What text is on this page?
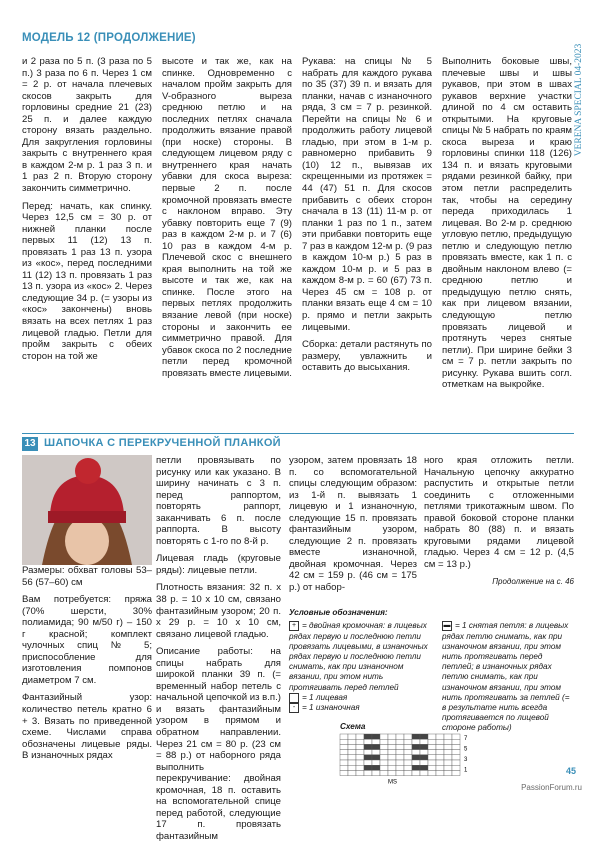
МОДЕЛЬ 12 (ПРОДОЛЖЕНИЕ)
VERENA SPECIAL 04-2023

и 2 раза по 5 п. (3 раза по 5 п.) 3 раза по 6 п. Через 1 см = 2 р. от начала плечевых скосов закрыть для горловины средние 21 (23) 25 п. и далее каждую сторону вязать раздельно. Для закругления горловины закрыть с внутреннего края в каждом 2-м р. 1 раз 3 п. и 1 раз 2 п. Вторую сторону закончить симметрично.

Перед: начать, как спинку. Через 12,5 см = 30 р. от нижней планки после первых 11 (12) 13 п. провязать 1 раз 13 п. узора из «кос», перед последними 11 (12) 13 п. провязать 1 раз 13 п. узора из «кос» 2. Через следующие 34 р. (= узоры из «кос» закончены) вновь вязать на всех петлях 1 раз лицевой гладью. Петли для пройм закрыть с обеих сторон на той же

высоте и так же, как на спинке. Одновременно с началом пройм закрыть для V-образного выреза среднюю петлю и на последних петлях сначала продолжить вязание правой (при носке) стороны. В следующем лицевом ряду с внутреннего края начать убавки для скоса выреза: первые 2 п. после кромочной провязать вместе с наклоном вправо. Эту убавку повторить еще 7 (9) раз в каждом 2-м р. и 7 (6) 10 раз в каждом 4-м р. Плечевой скос с внешнего края выполнить на той же высоте и так же, как на спинке. После этого на первых петлях продолжить вязание левой (при носке) стороны и закончить ее симметрично правой. Для убавок скоса по 2 последние петли перед кромочной провязать вместе лицевыми.

Рукава: на спицы № 5 набрать для каждого рукава по 35 (37) 39 п. и вязать для планки, начав с изнаночного ряда, 3 см = 7 р. резинкой. Перейти на спицы № 6 и продолжить работу лицевой гладью, при этом в 1-м р. равномерно прибавить 9 (10) 12 п., вывязав их скрещенными из протяжек = 44 (47) 51 п. Для скосов прибавить с обеих сторон сначала в 13 (11) 11-м р. от планки 1 раз по 1 п., затем эти прибавки повторить еще 7 раз в каждом 12-м р. (9 раз в каждом 10-м р.) 5 раз в каждом 10-м р. и 5 раз в каждом 8-м р. = 60 (67) 73 п. Через 45 см = 108 р. от планки вязать еще 4 см = 10 р. прямо и петли закрыть лицевыми.

Сборка: детали растянуть по размеру, увлажнить и оставить до высыхания.

Выполнить боковые швы, плечевые швы и швы рукавов, при этом в швах рукавов верхние участки длиной по 4 см оставить открытыми. На круговые спицы № 5 набрать по краям скоса выреза и краю горловины спинки 118 (126) 134 п. и вязать круговыми рядами резинкой байку, при этом петли распределить так, чтобы на середину переда приходилась 1 лицевая. Во 2-м р. среднюю угловую петлю, предыдущую петлю и следующую петлю провязать вместе, как 1 п. с двойным наклоном влево (= среднюю петлю и предыдущую петлю снять, как при лицевом вязании, следующую петлю провязать лицевой и протянуть через снятые петли). При ширине бейки 3 см = 7 р. петли закрыть по рисунку. Рукава вшить согл. отметкам на выкройке.

13 ШАПОЧКА С ПЕРЕКРУЧЕННОЙ ПЛАНКОЙ

Размеры: обхват головы 53–56 (57–60) см

Вам потребуется: пряжа (70% шерсти, 30% полиамида; 90 м/50 г) – 150 г красной; комплект чулочных спиц № 5; приспособление для изготовления помпонов диаметром 7 см.

Фантазийный узор: количество петель кратно 6 + 3. Вязать по приведенной схеме. Числами справа обозначены лицевые ряды. В изнаночных рядах

петли провязывать по рисунку или как указано. В ширину начинать с 3 п. перед раппортом, повторять раппорт, заканчивать 6 п. после раппорта. В высоту повторять с 1-го по 8-й р.

Лицевая гладь (круговые ряды): лицевые петли.

Плотность вязания: 32 п. х 38 р. = 10 х 10 см, связано фантазийным узором; 20 п. х 29 р. = 10 х 10 см, связано лицевой гладью.

Описание работы: на спицы набрать для широкой планки 39 п. (= временный набор петель с начальной цепочкой из в.п.) и вязать фантазийным узором в прямом и обратном направлении. Через 21 см = 80 р. (23 см = 88 р.) от наборного ряда выполнить перекручивание: двойная кромочная, 18 п. оставить на вспомогательной спице перед работой, следующие 17 п. провязать фантазийным

узором, затем провязать 18 п. со вспомогательной спицы следующим образом: из 1-й п. вывязать 1 лицевую и 1 изнаночную, следующие 15 п. провязать фантазийным узором, следующие 2 п. провязать вместе изнаночной, двойная кромочная. Через 42 см = 159 р. (46 см = 175 р.) от набор-

ного края отложить петли. Начальную цепочку аккуратно распустить и открытые петли соединить с отложенными петлями трикотажным швом. По правой боковой стороне планки набрать 80 (88) п. и вязать круговыми рядами лицевой гладью. Через 4 см = 12 р. (4,5 см = 13 р.)

Продолжение на с. 46
Условные обозначения:
+ = двойная кромочная: в лицевых рядах первую и последнюю петли провязать лицевыми, в изнаночных рядах первую и последнюю петли снимать, как при изнаночном вязании, при этом нить протягивать перед петлей
= 1 лицевая
- = 1 изнаночная
▬ = 1 снятая петля: в лицевых рядах петлю снимать, как при изнаночном вязании, при этом нить протягивать перед петлей; в изнаночных рядах петлю снимать, как при изнаночном вязании, при этом нить протягивать за петлей (= в результате нить всегда протягивается по лицевой стороне работы)
Схема
7
5
3
1
MS
45
PassionForum.ru
